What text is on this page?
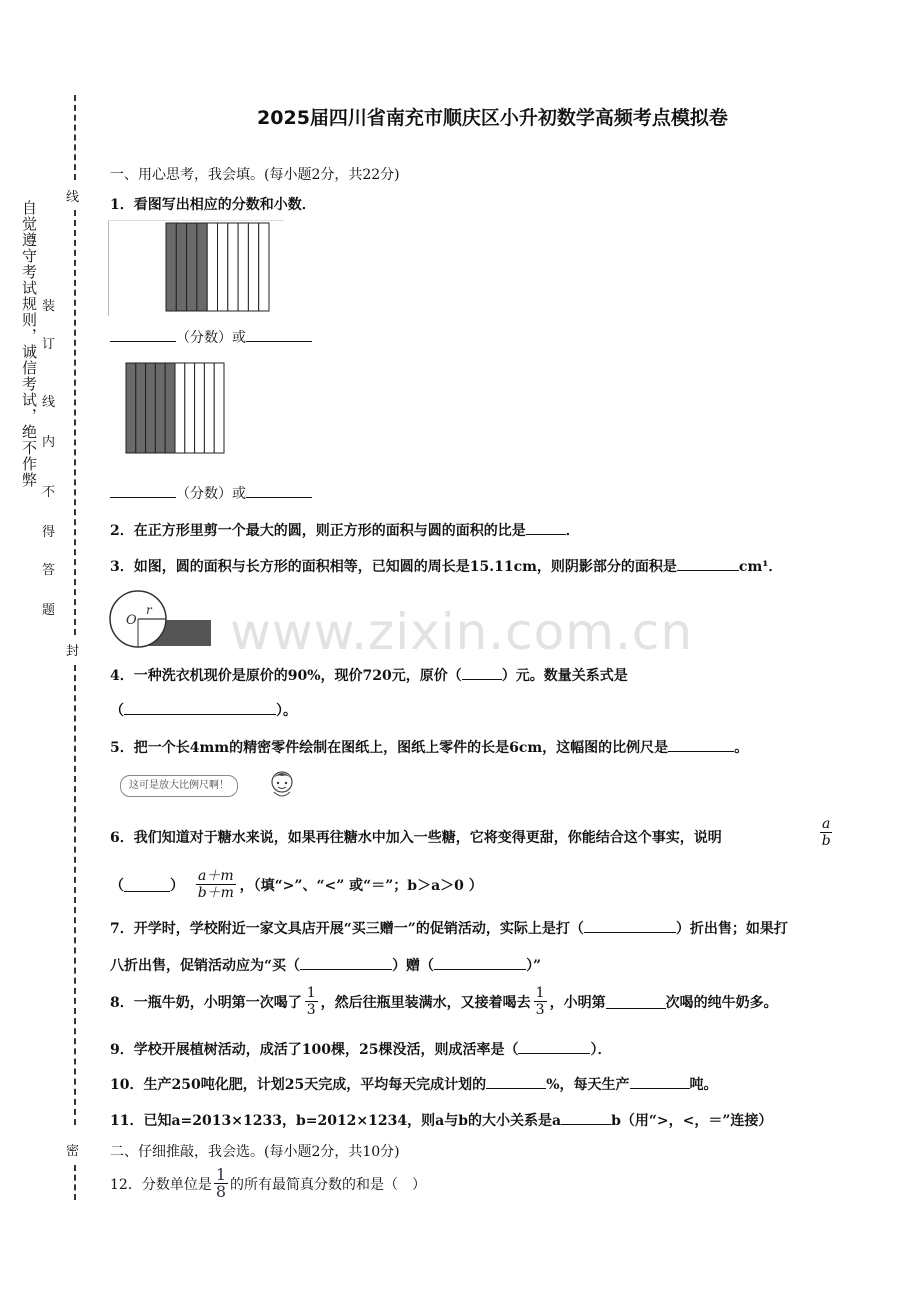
线
封
密
自觉遵守考试规则，诚信考试，绝不作弊 装
订
线
内
不
得
答
题
2025届四川省南充市顺庆区小升初数学高频考点模拟卷
www.zixin.com.cn
一、用心思考，我会填。(每小题2分，共22分)
1．看图写出相应的分数和小数．
（分数）或
（分数）或
2．在正方形里剪一个最大的圆，则正方形的面积与圆的面积的比是	．
3．如图，圆的面积与长方形的面积相等，已知圆的周长是15.11cm，则阴影部分的面积是	cm¹．
O
r
4．一种洗衣机现价是原价的90%，现价720元，原价（	）元。数量关系式是
（	）。
5．把一个长4mm的精密零件绘制在图纸上，图纸上零件的长是6cm，这幅图的比例尺是	。
这可是放大比例尺啊！
6．我们知道对于糖水来说，如果再往糖水中加入一些糖，它将变得更甜，你能结合这个事实，说明	$\frac{a}{b}$
（	） $\frac{a+m}{b+m}$ ，（填“>”、“<” 或“＝”；b＞a＞0 ）
7．开学时，学校附近一家文具店开展“买三赠一”的促销活动，实际上是打（	）折出售；如果打
八折出售，促销活动应为“买（	）赠（	）”
8．一瓶牛奶，小明第一次喝了 $\frac{1}{3}$ ，然后往瓶里装满水，又接着喝去 $\frac{1}{3}$ ，小明第	次喝的纯牛奶多。
9．学校开展植树活动，成活了100棵，25棵没活，则成活率是（	）．
10．生产250吨化肥，计划25天完成，平均每天完成计划的	%，每天生产	吨。
11．已知a=2013×1233，b=2012×1234，则a与b的大小关系是a	b（用“>，<，＝”连接）
二、仔细推敲，我会选。(每小题2分，共10分)
12．分数单位是 $\frac{1}{8}$ 的所有最简真分数的和是（　）
